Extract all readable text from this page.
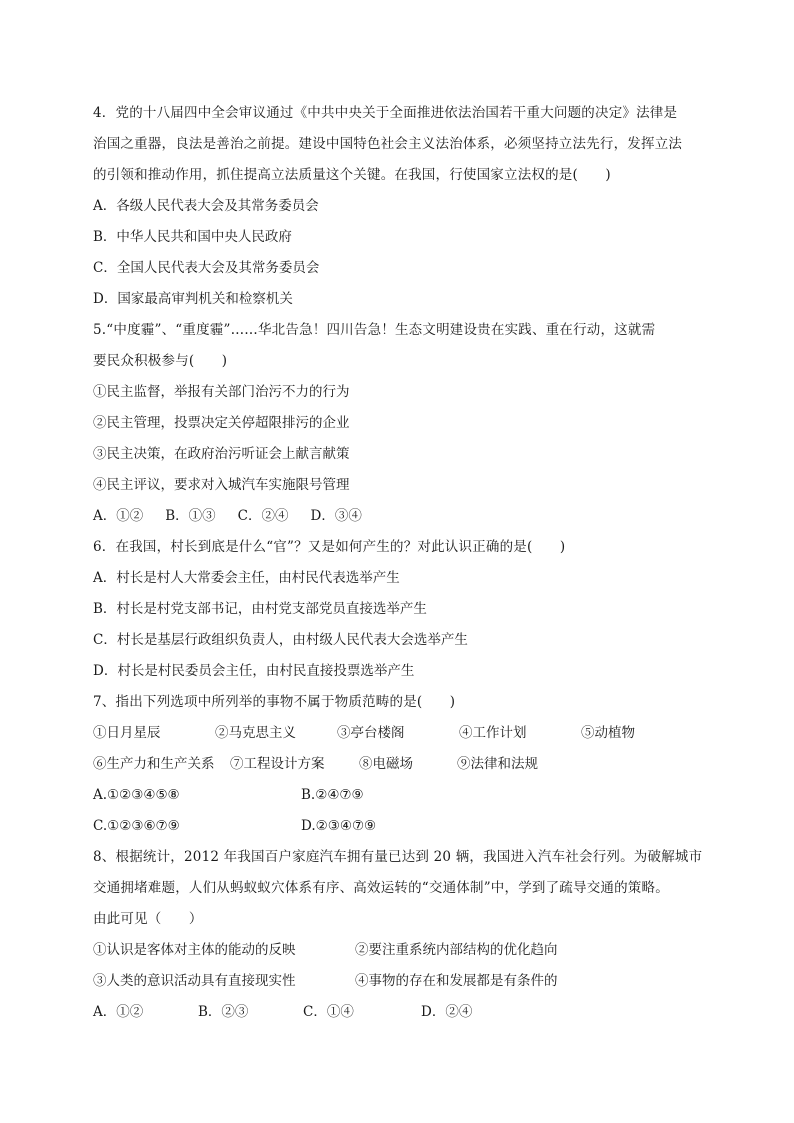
4．党的十八届四中全会审议通过《中共中央关于全面推进依法治国若干重大问题的决定》法律是
治国之重器，良法是善治之前提。建设中国特色社会主义法治体系，必须坚持立法先行，发挥立法
的引领和推动作用，抓住提高立法质量这个关键。在我国，行使国家立法权的是(　　)
A．各级人民代表大会及其常务委员会
B．中华人民共和国中央人民政府
C．全国人民代表大会及其常务委员会
D．国家最高审判机关和检察机关
5.“中度霾”、“重度霾”……华北告急！四川告急！生态文明建设贵在实践、重在行动，这就需
要民众积极参与(　　)
①民主监督，举报有关部门治污不力的行为
②民主管理，投票决定关停超限排污的企业
③民主决策，在政府治污听证会上献言献策
④民主评议，要求对入城汽车实施限号管理
A．①② B．①③ C．②④ D．③④
6．在我国，村长到底是什么“官”？又是如何产生的？对此认识正确的是(　　)
A．村长是村人大常委会主任，由村民代表选举产生
B．村长是村党支部书记，由村党支部党员直接选举产生
C．村长是基层行政组织负责人，由村级人民代表大会选举产生
D．村长是村民委员会主任，由村民直接投票选举产生
7、指出下列选项中所列举的事物不属于物质范畴的是(　　)
①日月星辰	②马克思主义	③亭台楼阁	④工作计划	⑤动植物
⑥生产力和生产关系	⑦工程设计方案	⑧电磁场	⑨法律和法规
A.①②③④⑤⑧	B.②④⑦⑨
C.①②③⑥⑦⑨	D.②③④⑦⑨
8、根据统计，2012 年我国百户家庭汽车拥有量已达到 20 辆，我国进入汽车社会行列。为破解城市
交通拥堵难题，人们从蚂蚁蚁穴体系有序、高效运转的“交通体制”中，学到了疏导交通的策略。
由此可见（　　）
①认识是客体对主体的能动的反映	②要注重系统内部结构的优化趋向
③人类的意识活动具有直接现实性	④事物的存在和发展都是有条件的
A．①②	B．②③	C．①④	D．②④
